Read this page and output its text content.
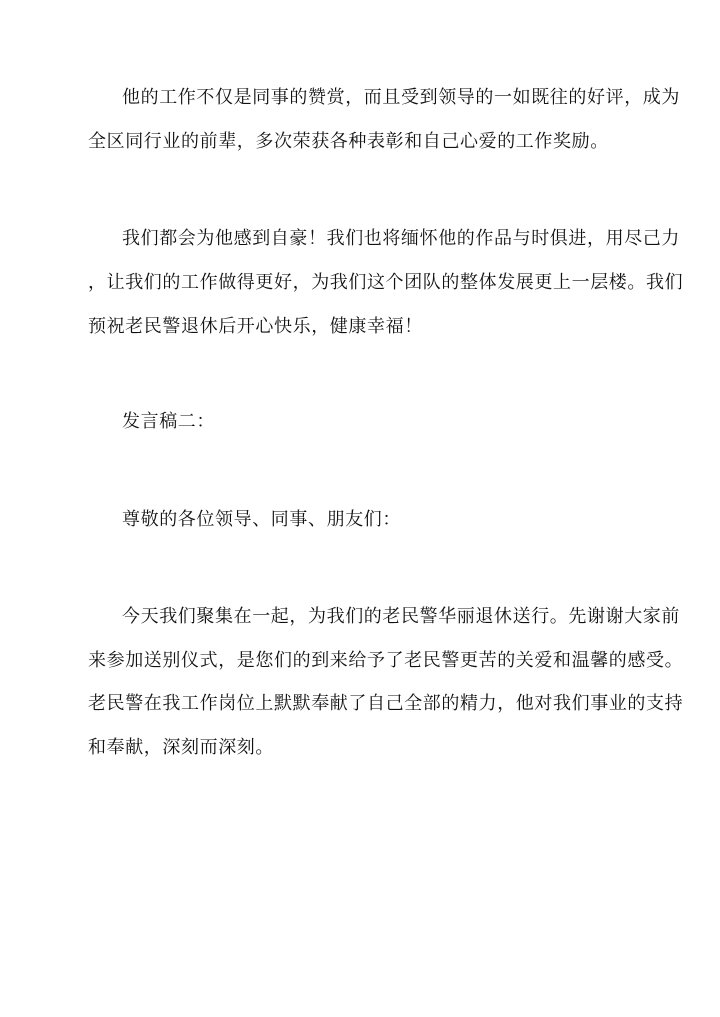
他的工作不仅是同事的赞赏，而且受到领导的一如既往的好评，成为
全区同行业的前辈，多次荣获各种表彰和自己心爱的工作奖励。
我们都会为他感到自豪！我们也将缅怀他的作品与时俱进，用尽己力
，让我们的工作做得更好，为我们这个团队的整体发展更上一层楼。我们
预祝老民警退休后开心快乐，健康幸福！
发言稿二：
尊敬的各位领导、同事、朋友们：
今天我们聚集在一起，为我们的老民警华丽退休送行。先谢谢大家前
来参加送别仪式，是您们的到来给予了老民警更苦的关爱和温馨的感受。
老民警在我工作岗位上默默奉献了自己全部的精力，他对我们事业的支持
和奉献，深刻而深刻。
